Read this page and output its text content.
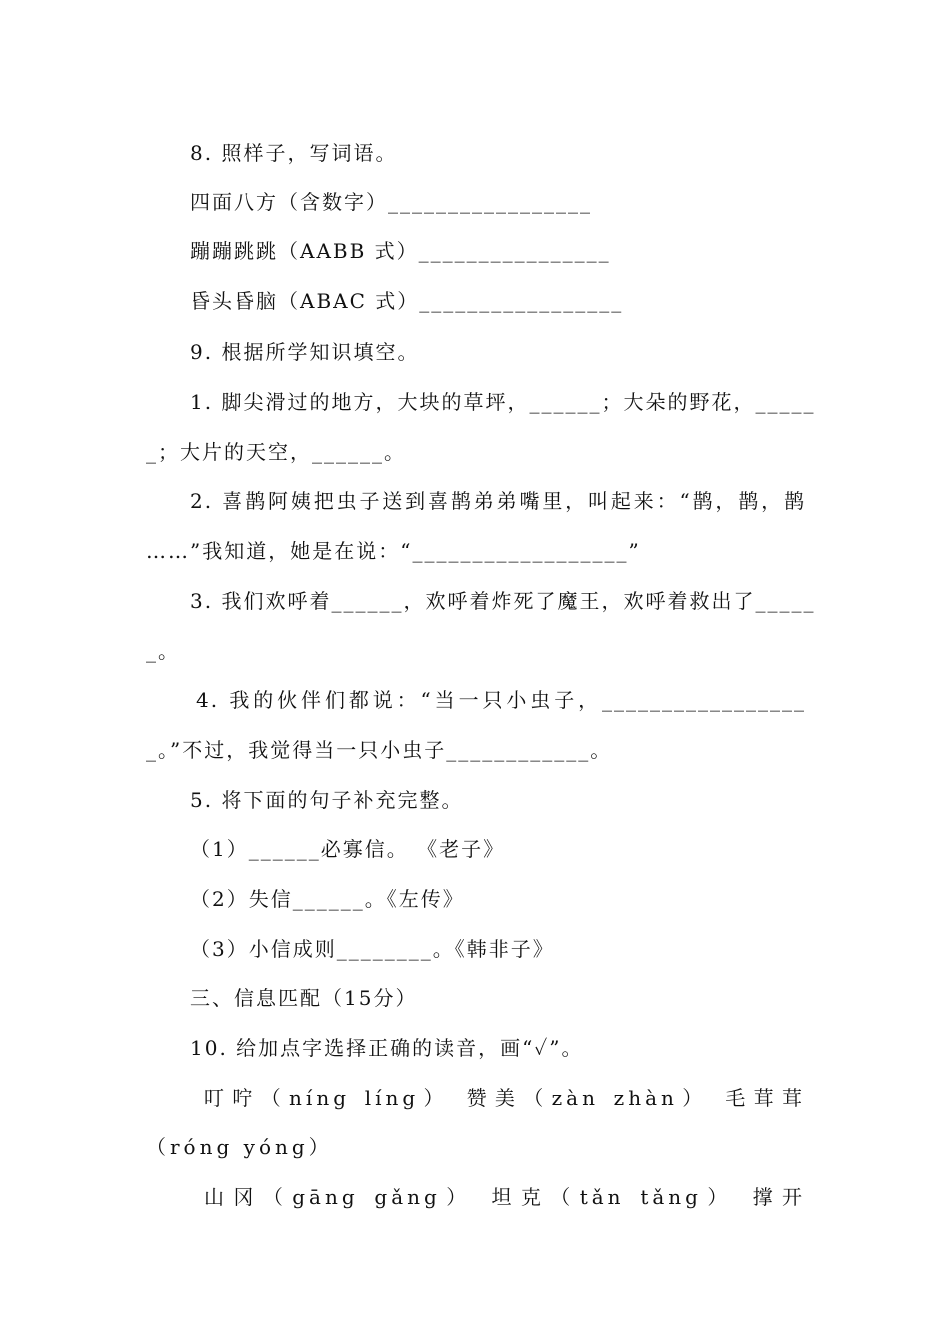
8. 照样子，写词语。

四面八方（含数字）_________________

蹦蹦跳跳（AABB 式）________________

昏头昏脑（ABAC 式）_________________

9. 根据所学知识填空。

1. 脚尖滑过的地方，大块的草坪，______；大朵的野花，_____

_；大片的天空，______。

2. 喜鹊阿姨把虫子送到喜鹊弟弟嘴里，叫起来：“鹊，鹊，鹊

……”我知道，她是在说：“__________________”

3. 我们欢呼着______，欢呼着炸死了魔王，欢呼着救出了_____

_。

4. 我的伙伴们都说：“当一只小虫子，_________________

_。”不过，我觉得当一只小虫子____________。

5. 将下面的句子补充完整。

（1）______必寡信。 《老子》

（2）失信______。《左传》

（3）小信成则________。《韩非子》

三、信息匹配（15分）

10. 给加点字选择正确的读音，画“✓”。

叮咛（níng líng） 赞美（zàn zhàn） 毛茸茸

（róng yóng）

山冈（gāng gǎng） 坦克（tǎn tǎng） 撑开
